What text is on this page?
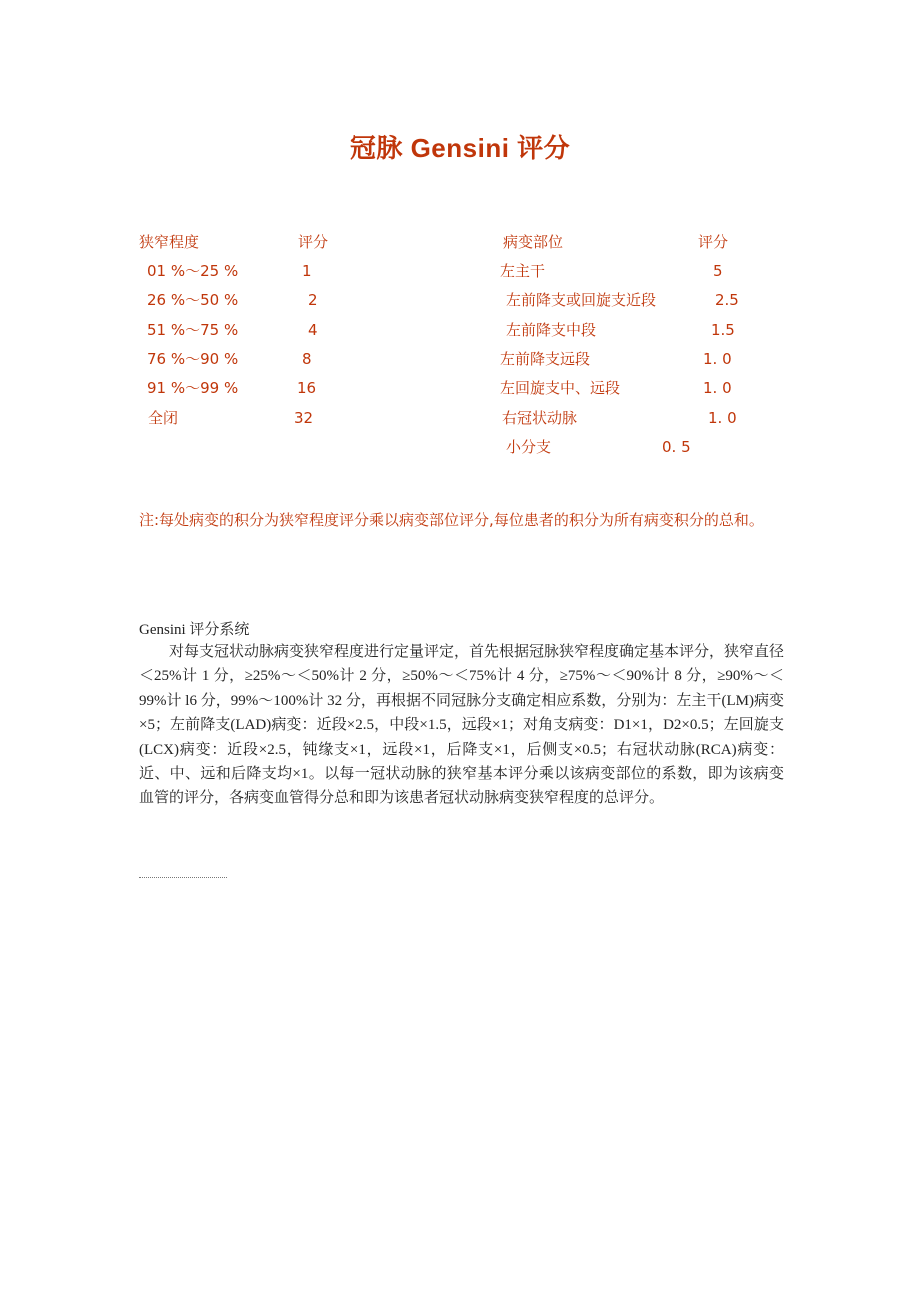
冠脉 Gensini 评分
狭窄程度	评分
01 %～25 %	1
26 %～50 %	2
51 %～75 %	4
76 %～90 %	8
91 %～99 %	16
全闭	32
病变部位	评分
左主干	5
左前降支或回旋支近段	2.5
左前降支中段	1.5
左前降支远段	1. 0
左回旋支中、远段	1. 0
右冠状动脉	1. 0
小分支	0. 5
注:每处病变的积分为狭窄程度评分乘以病变部位评分,每位患者的积分为所有病变积分的总和。
Gensini 评分系统
对每支冠状动脉病变狭窄程度进行定量评定，首先根据冠脉狭窄程度确定基本评分，狭窄直径＜25%计 1 分，≥25%～＜50%计 2 分，≥50%～＜75%计 4 分，≥75%～＜90%计 8 分，≥90%～＜99%计 l6 分，99%～100%计 32 分，再根据不同冠脉分支确定相应系数，分别为：左主干(LM)病变×5；左前降支(LAD)病变：近段×2.5，中段×1.5，远段×1；对角支病变：D1×1，D2×0.5；左回旋支(LCX)病变：近段×2.5，钝缘支×1，远段×1，后降支×1，后侧支×0.5；右冠状动脉(RCA)病变：近、中、远和后降支均×1。以每一冠状动脉的狭窄基本评分乘以该病变部位的系数，即为该病变血管的评分，各病变血管得分总和即为该患者冠状动脉病变狭窄程度的总评分。
